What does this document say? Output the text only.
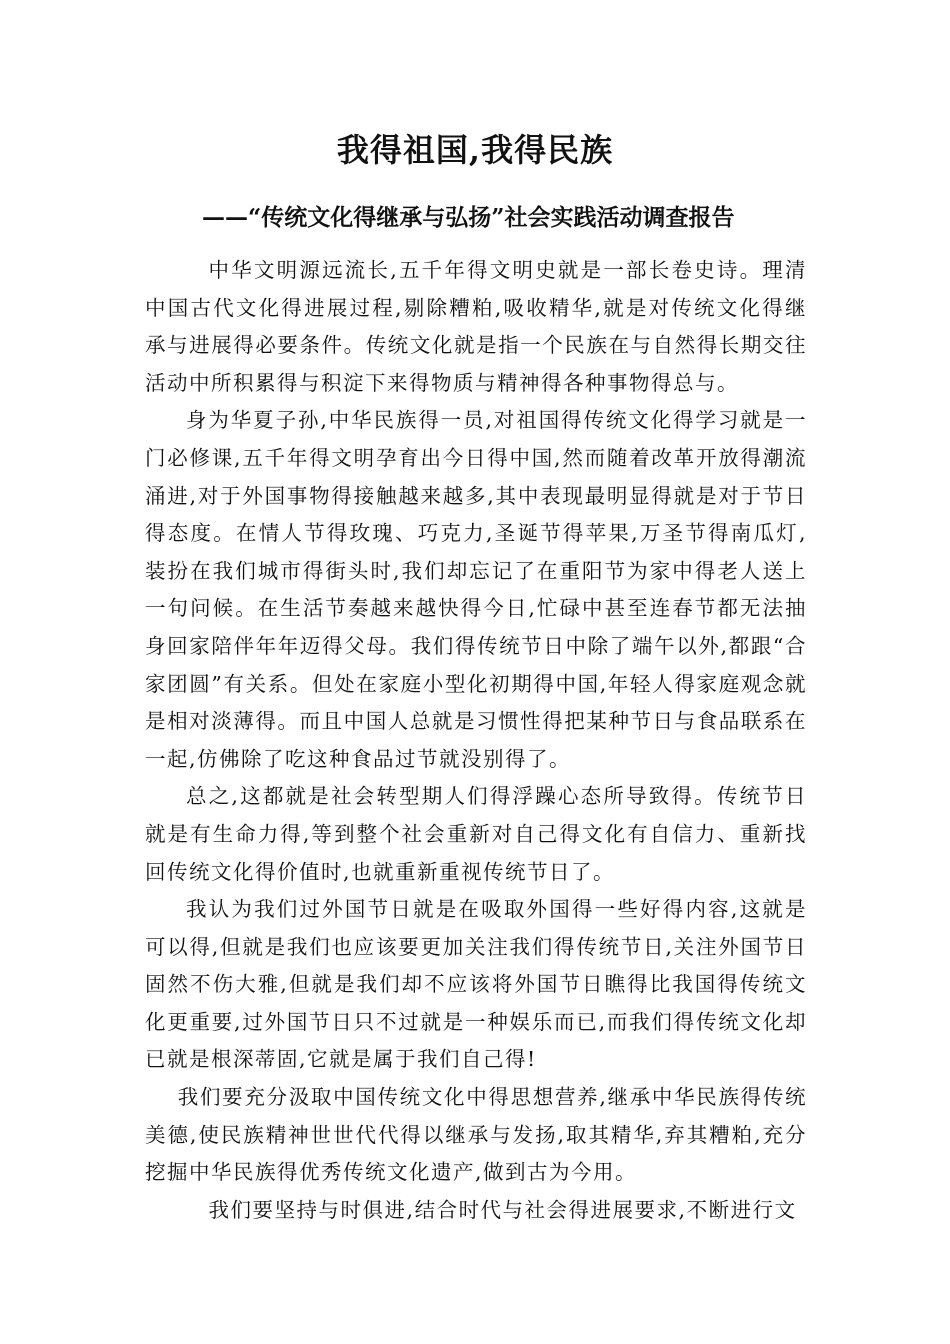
我得祖国,我得民族
——“传统文化得继承与弘扬”社会实践活动调查报告

中华文明源远流长,五千年得文明史就是一部长卷史诗。理清中国古代文化得进展过程,剔除糟粕,吸收精华,就是对传统文化得继承与进展得必要条件。传统文化就是指一个民族在与自然得长期交往活动中所积累得与积淀下来得物质与精神得各种事物得总与。

身为华夏子孙,中华民族得一员,对祖国得传统文化得学习就是一门必修课,五千年得文明孕育出今日得中国,然而随着改革开放得潮流涌进,对于外国事物得接触越来越多,其中表现最明显得就是对于节日得态度。在情人节得玫瑰、巧克力,圣诞节得苹果,万圣节得南瓜灯,装扮在我们城市得街头时,我们却忘记了在重阳节为家中得老人送上一句问候。在生活节奏越来越快得今日,忙碌中甚至连春节都无法抽身回家陪伴年年迈得父母。我们得传统节日中除了端午以外,都跟“合家团圆”有关系。但处在家庭小型化初期得中国,年轻人得家庭观念就是相对淡薄得。而且中国人总就是习惯性得把某种节日与食品联系在一起,仿佛除了吃这种食品过节就没别得了。

总之,这都就是社会转型期人们得浮躁心态所导致得。传统节日就是有生命力得,等到整个社会重新对自己得文化有自信力、重新找回传统文化得价值时,也就重新重视传统节日了。

我认为我们过外国节日就是在吸取外国得一些好得内容,这就是可以得,但就是我们也应该要更加关注我们得传统节日,关注外国节日固然不伤大雅,但就是我们却不应该将外国节日瞧得比我国得传统文化更重要,过外国节日只不过就是一种娱乐而已,而我们得传统文化却已就是根深蒂固,它就是属于我们自己得!

我们要充分汲取中国传统文化中得思想营养,继承中华民族得传统美德,使民族精神世世代代得以继承与发扬,取其精华,弃其糟粕,充分挖掘中华民族得优秀传统文化遗产,做到古为今用。

我们要坚持与时俱进,结合时代与社会得进展要求,不断进行文
